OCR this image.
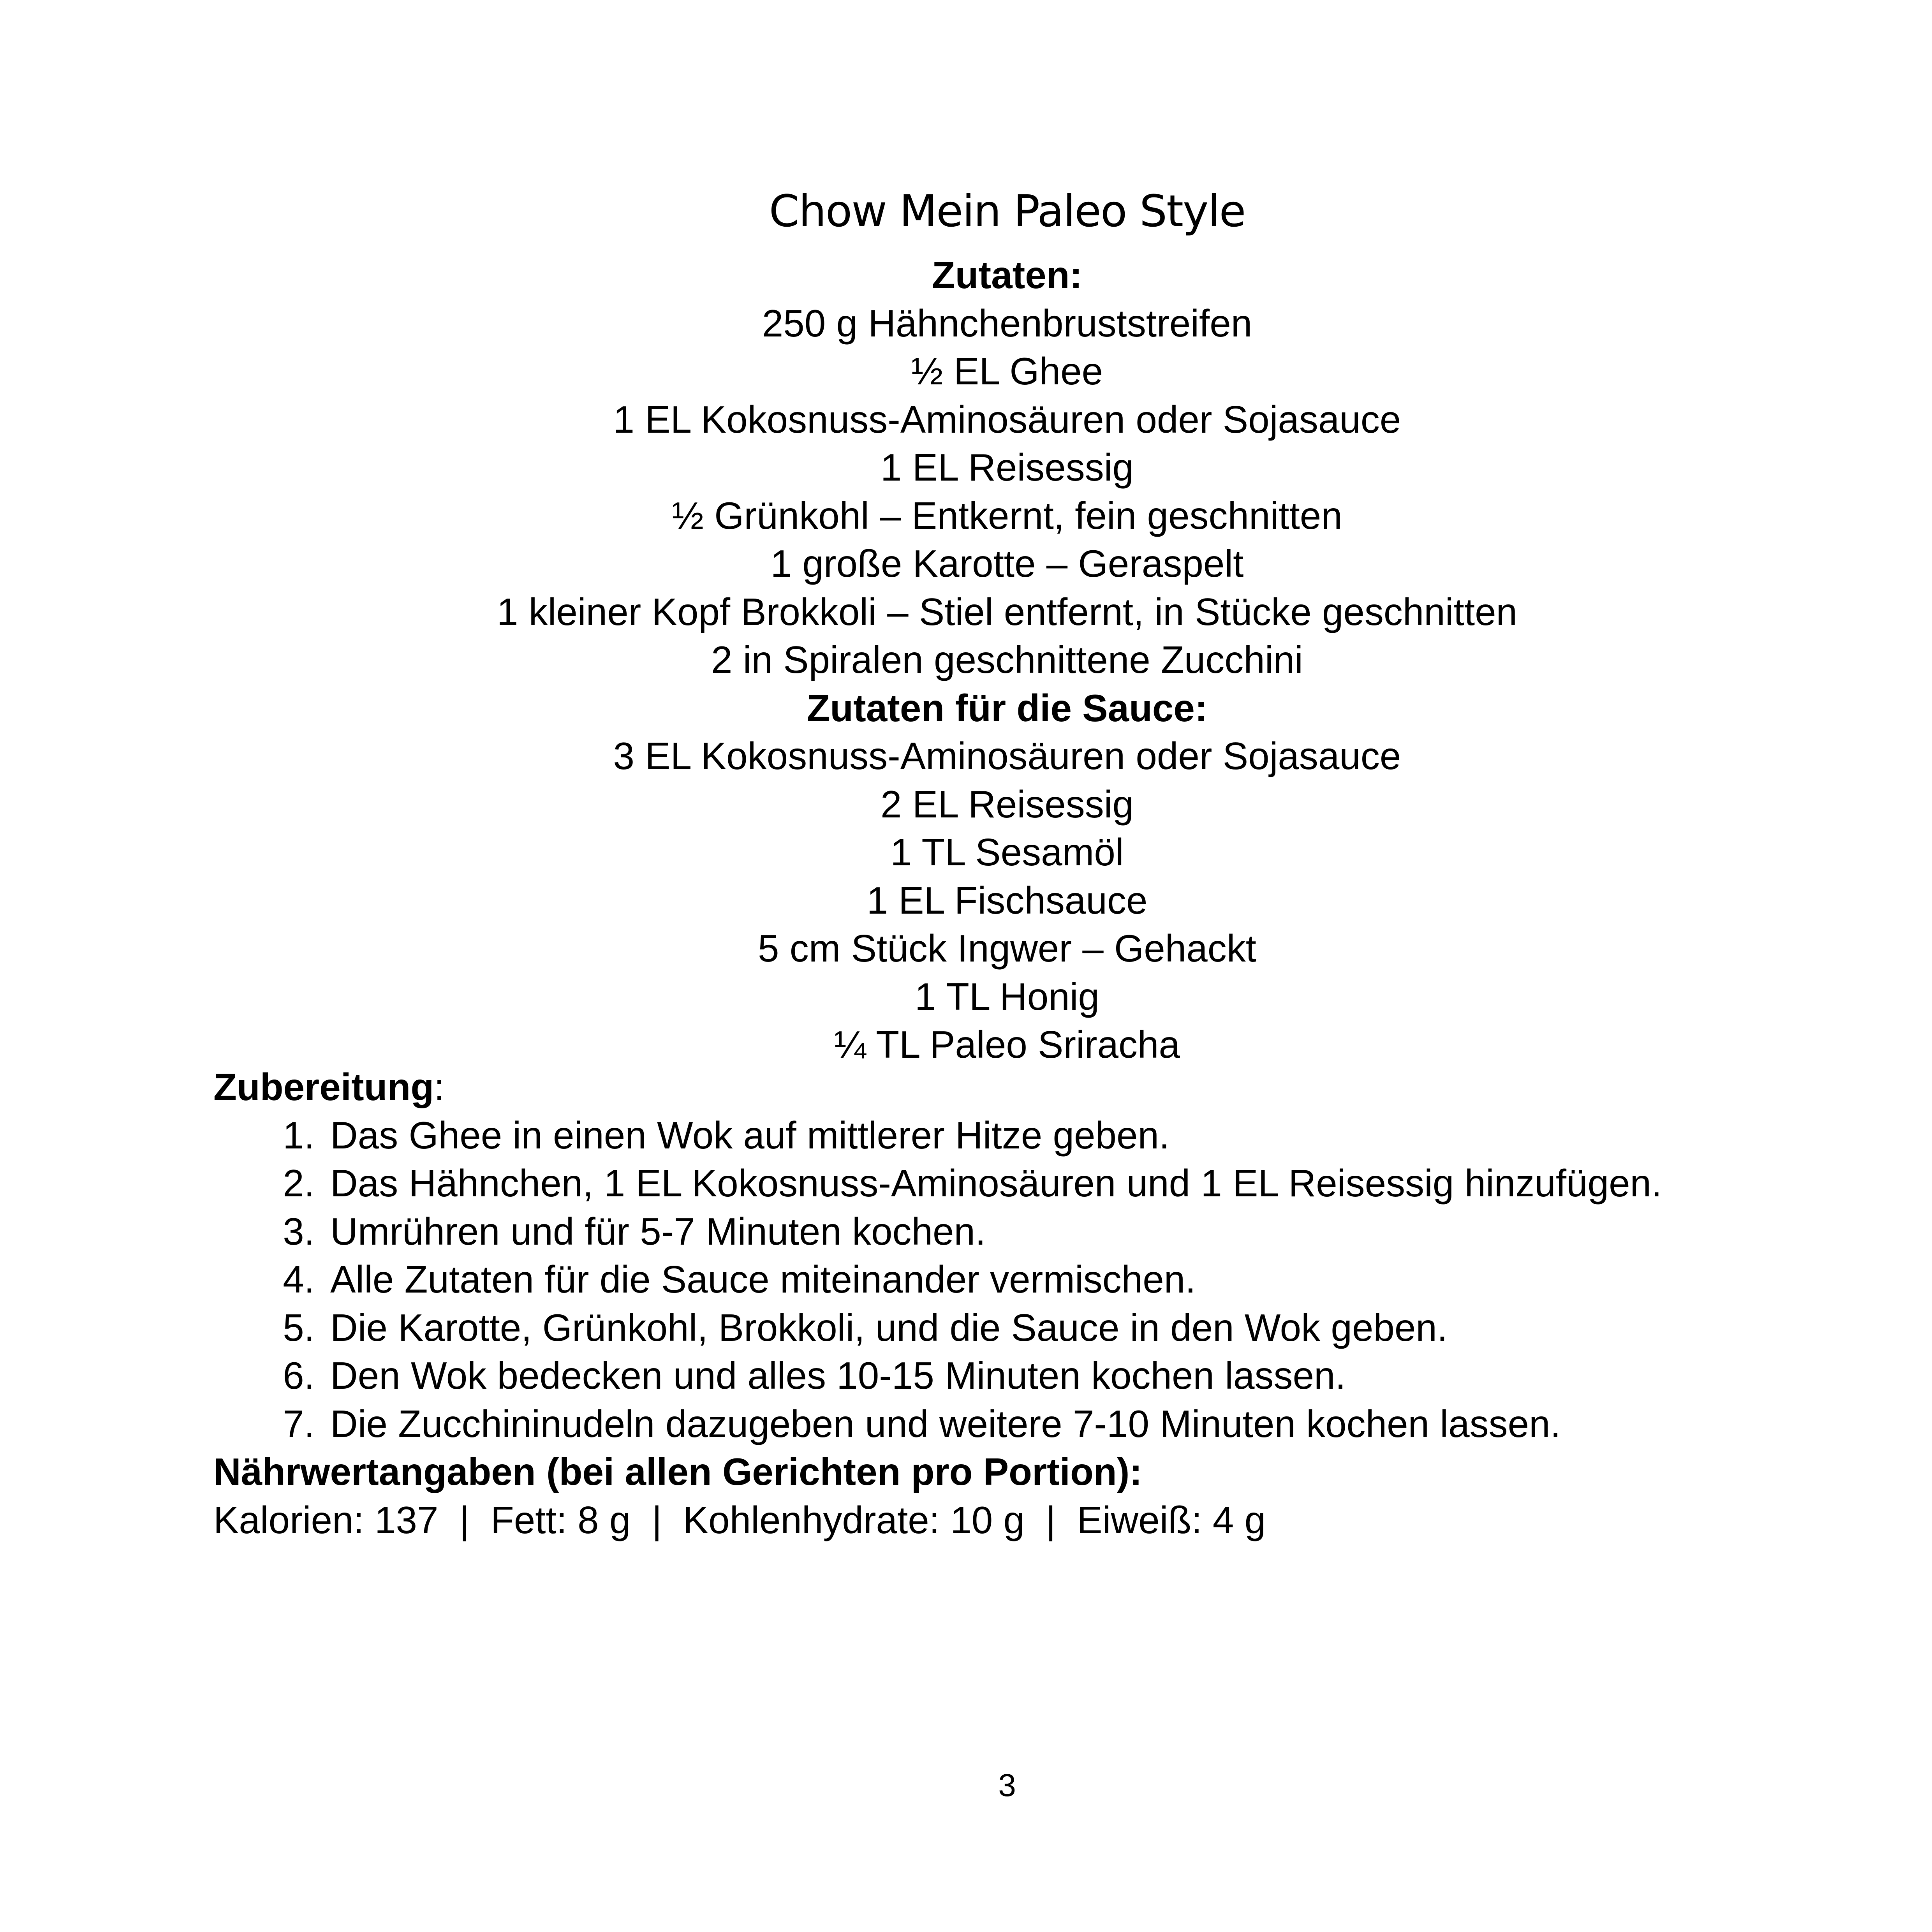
Chow Mein Paleo Style
Zutaten:
250 g Hähnchenbruststreifen
½ EL Ghee
1 EL Kokosnuss-Aminosäuren oder Sojasauce
1 EL Reisessig
½ Grünkohl – Entkernt, fein geschnitten
1 große Karotte – Geraspelt
1 kleiner Kopf Brokkoli – Stiel entfernt, in Stücke geschnitten
2 in Spiralen geschnittene Zucchini
Zutaten für die Sauce:
3 EL Kokosnuss-Aminosäuren oder Sojasauce
2 EL Reisessig
1 TL Sesamöl
1 EL Fischsauce
5 cm Stück Ingwer – Gehackt
1 TL Honig
¼ TL Paleo Sriracha
Zubereitung:
1. Das Ghee in einen Wok auf mittlerer Hitze geben.
2. Das Hähnchen, 1 EL Kokosnuss-Aminosäuren und 1 EL Reisessig hinzufügen.
3. Umrühren und für 5-7 Minuten kochen.
4. Alle Zutaten für die Sauce miteinander vermischen.
5. Die Karotte, Grünkohl, Brokkoli, und die Sauce in den Wok geben.
6. Den Wok bedecken und alles 10-15 Minuten kochen lassen.
7. Die Zucchininudeln dazugeben und weitere 7-10 Minuten kochen lassen.
Nährwertangaben (bei allen Gerichten pro Portion):
Kalorien: 137  |  Fett: 8 g  |  Kohlenhydrate: 10 g  |  Eiweiß: 4 g
3
